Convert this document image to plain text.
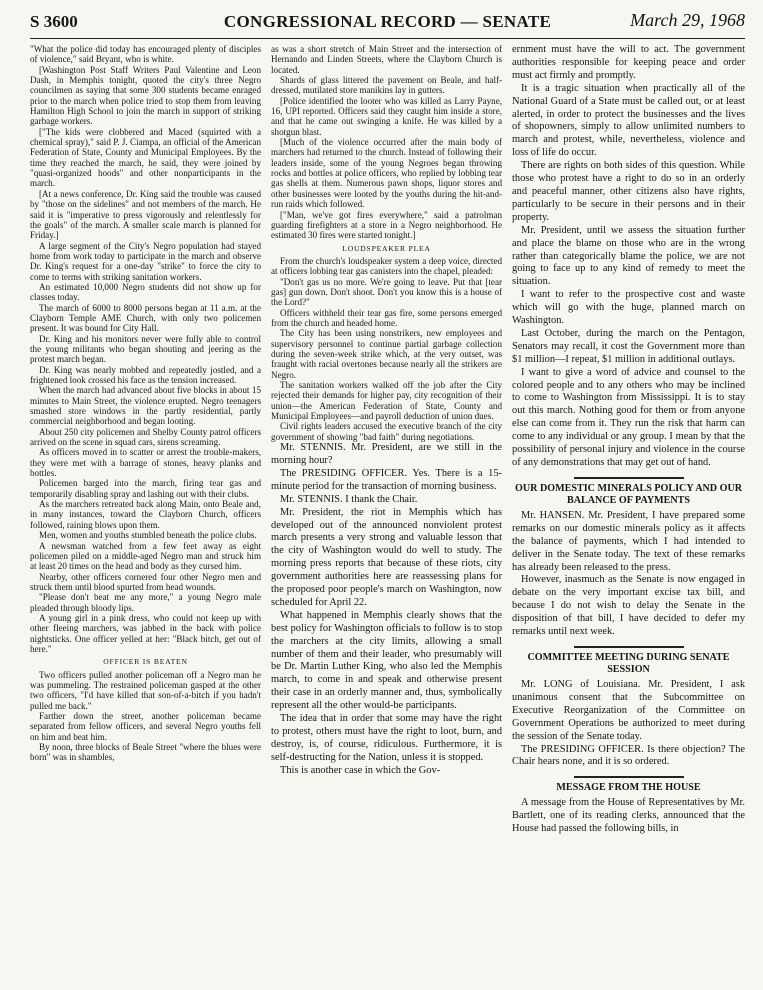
S 3600	CONGRESSIONAL RECORD — SENATE	March 29, 1968

"What the police did today has encouraged plenty of disciples of violence," said Bryant, who is white.

[Washington Post Staff Writers Paul Valentine and Leon Dash, in Memphis tonight, quoted the city's three Negro councilmen as saying that some 300 students became enraged prior to the march when police tried to stop them from leaving Hamilton High School to join the march in support of striking garbage workers.

["The kids were clobbered and Maced (squirted with a chemical spray)," said P. J. Ciampa, an official of the American Federation of State, County and Municipal Employees. By the time they reached the march, he said, they were joined by "quasi-organized hoods" and other nonparticipants in the march.

[At a news conference, Dr. King said the trouble was caused by "those on the sidelines" and not members of the march. He said it is "imperative to press vigorously and relentlessly for the goals" of the march. A smaller scale march is planned for Friday.]

A large segment of the City's Negro population had stayed home from work today to participate in the march and observe Dr. King's request for a one-day "strike" to force the city to come to terms with striking sanitation workers.

An estimated 10,000 Negro students did not show up for classes today.

The march of 6000 to 8000 persons began at 11 a.m. at the Clayborn Temple AME Church, with only two policemen present. It was bound for City Hall.

Dr. King and his monitors never were fully able to control the young militants who began shouting and jeering as the protest march began.

Dr. King was nearly mobbed and repeatedly jostled, and a frightened look crossed his face as the tension increased.

When the march had advanced about five blocks in about 15 minutes to Main Street, the violence erupted. Negro teenagers smashed store windows in the partly residential, partly commercial neighborhood and began looting.

About 250 city policemen and Shelby County patrol officers arrived on the scene in squad cars, sirens screaming.

As officers moved in to scatter or arrest the trouble-makers, they were met with a barrage of stones, heavy planks and bottles.

Policemen barged into the march, firing tear gas and temporarily disabling spray and lashing out with their clubs.

As the marchers retreated back along Main, onto Beale and, in many instances, toward the Clayborn Church, officers followed, raining blows upon them.

Men, women and youths stumbled beneath the police clubs.

A newsman watched from a few feet away as eight policemen piled on a middle-aged Negro man and struck him at least 20 times on the head and body as they cursed him.

Nearby, other officers cornered four other Negro men and struck them until blood spurted from head wounds.

"Please don't beat me any more," a young Negro male pleaded through bloody lips.

A young girl in a pink dress, who could not keep up with other fleeing marchers, was jabbed in the back with police nightsticks. One officer yelled at her: "Black bitch, get out of here."

OFFICER IS BEATEN

Two officers pulled another policeman off a Negro man he was pummeling. The restrained policeman gasped at the other two officers, "I'd have killed that son-of-a-bitch if you hadn't pulled me back."

Farther down the street, another policeman became separated from fellow officers, and several Negro youths fell on him and beat him.

By noon, three blocks of Beale Street "where the blues were born" was in shambles,

as was a short stretch of Main Street and the intersection of Hernando and Linden Streets, where the Clayborn Church is located.

Shards of glass littered the pavement on Beale, and half-dressed, mutilated store manikins lay in gutters.

[Police identified the looter who was killed as Larry Payne, 16, UPI reported. Officers said they caught him inside a store, and that he came out swinging a knife. He was killed by a shotgun blast.

[Much of the violence occurred after the main body of marchers had returned to the church. Instead of following their leaders inside, some of the young Negroes began throwing rocks and bottles at police officers, who replied by lobbing tear gas shells at them. Numerous pawn shops, liquor stores and other businesses were looted by the youths during the hit-and-run raids which followed.

["Man, we've got fires everywhere," said a patrolman guarding firefighters at a store in a Negro neighborhood. He estimated 30 fires were started tonight.]

LOUDSPEAKER PLEA

From the church's loudspeaker system a deep voice, directed at officers lobbing tear gas canisters into the chapel, pleaded:

"Don't gas us no more. We're going to leave. Put that [tear gas] gun down. Don't shoot. Don't you know this is a house of the Lord?"

Officers withheld their tear gas fire, some persons emerged from the church and headed home.

The City has been using nonstrikers, new employees and supervisory personnel to continue partial garbage collection during the seven-week strike which, at the very outset, was fraught with racial overtones because nearly all the strikers are Negro.

The sanitation workers walked off the job after the City rejected their demands for higher pay, city recognition of their union—the American Federation of State, County and Municipal Employees—and payroll deduction of union dues.

Civil rights leaders accused the executive branch of the city government of showing "bad faith" during negotiations.

Mr. STENNIS. Mr. President, are we still in the morning hour?

The PRESIDING OFFICER. Yes. There is a 15-minute period for the transaction of morning business.

Mr. STENNIS. I thank the Chair.

Mr. President, the riot in Memphis which has developed out of the announced nonviolent protest march presents a very strong and valuable lesson that the city of Washington would do well to study. The morning press reports that because of these riots, city government authorities here are reassessing plans for the proposed poor people's march on Washington, now scheduled for April 22.

What happened in Memphis clearly shows that the best policy for Washington officials to follow is to stop the marchers at the city limits, allowing a small number of them and their leader, who presumably will be Dr. Martin Luther King, who also led the Memphis march, to come in and speak and otherwise present their case in an orderly manner and, thus, symbolically represent all the other would-be participants.

The idea that in order that some may have the right to protest, others must have the right to loot, burn, and destroy, is, of course, ridiculous. Furthermore, it is self-destructing for the Nation, unless it is stopped.

This is another case in which the Gov-

ernment must have the will to act. The government authorities responsible for keeping peace and order must act firmly and promptly.

It is a tragic situation when practically all of the National Guard of a State must be called out, or at least alerted, in order to protect the businesses and the lives of shopowners, simply to allow unlimited numbers to march and protest, while, nevertheless, violence and loss of life do occur.

There are rights on both sides of this question. While those who protest have a right to do so in an orderly and peaceful manner, other citizens also have rights, particularly to be secure in their persons and in their property.

Mr. President, until we assess the situation further and place the blame on those who are in the wrong rather than categorically blame the police, we are not going to face up to any kind of remedy to meet the situation.

I want to refer to the prospective cost and waste which will go with the huge, planned march on Washington.

Last October, during the march on the Pentagon, Senators may recall, it cost the Government more than $1 million—I repeat, $1 million in additional outlays.

I want to give a word of advice and counsel to the colored people and to any others who may be inclined to come to Washington from Mississippi. It is to stay out this march. Nothing good for them or from anyone else can come from it. They run the risk that harm can come to any individual or any group. I mean by that the possibility of personal injury and violence in the course of any demonstrations that may get out of hand.

OUR DOMESTIC MINERALS POLICY AND OUR BALANCE OF PAYMENTS

Mr. HANSEN. Mr. President, I have prepared some remarks on our domestic minerals policy as it affects the balance of payments, which I had intended to deliver in the Senate today. The text of these remarks has already been released to the press.

However, inasmuch as the Senate is now engaged in debate on the very important excise tax bill, and because I do not wish to delay the Senate in the disposition of that bill, I have decided to defer my remarks until next week.

COMMITTEE MEETING DURING SENATE SESSION

Mr. LONG of Louisiana. Mr. President, I ask unanimous consent that the Subcommittee on Executive Reorganization of the Committee on Government Operations be authorized to meet during the session of the Senate today.

The PRESIDING OFFICER. Is there objection? The Chair hears none, and it is so ordered.

MESSAGE FROM THE HOUSE

A message from the House of Representatives by Mr. Bartlett, one of its reading clerks, announced that the House had passed the following bills, in
